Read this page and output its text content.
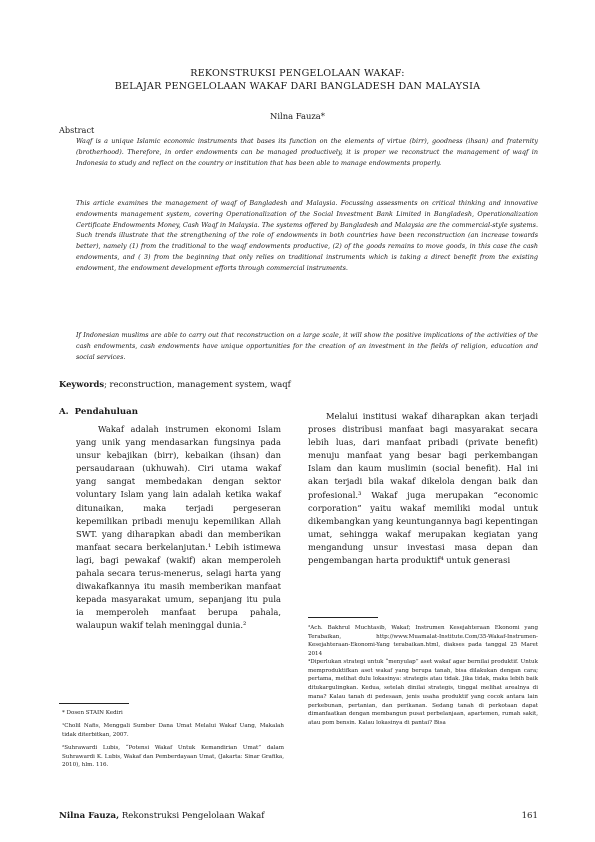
REKONSTRUKSI PENGELOLAAN WAKAF:
BELAJAR PENGELOLAAN WAKAF DARI BANGLADESH DAN MALAYSIA
Nilna Fauza*
Abstract

Waqf is a unique Islamic economic instruments that bases its function on the elements of virtue (birr), goodness (ihsan) and fraternity (brotherhood). Therefore, in order endowments can be managed productively, it is proper we reconstruct the management of waqf in Indonesia to study and reflect on the country or institution that has been able to manage endowments properly.

This article examines the management of waqf of Bangladesh and Malaysia. Focussing assessments on critical thinking and innovative endowments management system, covering Operationalization of the Social Investment Bank Limited in Bangladesh, Operationalization Certificate Endowments Money, Cash Waqf in Malaysia. The systems offered by Bangladesh and Malaysia are the commercial-style systems. Such trends illustrate that the strengthening of the role of endowments in both countries have been reconstruction (an increase towards better), namely (1) from the traditional to the waqf endowments productive, (2) of the goods remains to move goods, in this case the cash endowments, and ( 3) from the beginning that only relies on traditional instruments which is taking a direct benefit from the existing endowment, the endowment development efforts through commercial instruments.

If Indonesian muslims are able to carry out that reconstruction on a large scale, it will show the positive implications of the activities of the cash endowments, cash endowments have unique opportunities for the creation of an investment in the fields of religion, education and social services.

Keywords; reconstruction, management system, waqf
A.  Pendahuluan

Wakaf adalah instrumen ekonomi Islam yang unik yang mendasarkan fungsinya pada unsur kebajikan (birr), kebaikan (ihsan) dan persaudaraan (ukhuwah). Ciri utama wakaf yang sangat membedakan dengan sektor voluntary Islam yang lain adalah ketika wakaf ditunaikan, maka terjadi pergeseran kepemilikan pribadi menuju kepemilikan Allah SWT. yang diharapkan abadi dan memberikan manfaat secara berkelanjutan.¹ Lebih istimewa lagi, bagi pewakaf (wakif) akan memperoleh pahala secara terus-menerus, selagi harta yang diwakafkannya itu masih memberikan manfaat kepada masyarakat umum, sepanjang itu pula ia memperoleh manfaat berupa pahala, walaupun wakif telah meninggal dunia.²

Melalui institusi wakaf diharapkan akan terjadi proses distribusi manfaat bagi masyarakat secara lebih luas, dari manfaat pribadi (private benefit) menuju manfaat yang besar bagi perkembangan Islam dan kaum muslimin (social benefit). Hal ini akan terjadi bila wakaf dikelola dengan baik dan profesional.³ Wakaf juga merupakan “economic corporation” yaitu wakaf memiliki modal untuk dikembangkan yang keuntungannya bagi kepentingan umat, sehingga wakaf merupakan kegiatan yang mengandung unsur investasi masa depan dan pengembangan harta produktif⁴ untuk generasi

* Dosen STAIN Kediri

¹Cholil Nafis, Menggali Sumber Dana Umat Melalui Wakaf Uang, Makalah tidak diterbitkan, 2007.

²Suhrawardi Lubis, “Potensi Wakaf Untuk Kemandirian Umat” dalam Suhrawardi K. Lubis, Wakaf dan Pemberdayaan Umat, (Jakarta: Sinar Grafika, 2010), hlm. 116.

³Ach. Bakhrul Muchtasib, Wakaf; Instrumen Kesejahteraan Ekonomi yang Terabaikan, http://www.Muamalat-Institute.Com/35-Wakaf-Instrumen-Kesejahteraan-Ekonomi-Yang terabaikan.html, diakses pada tanggal 25 Maret 2014

⁴Diperlukan strategi untuk “menyulap” aset wakaf agar bernilai produktif. Untuk memproduktifkan aset wakaf yang berupa tanah, bisa dilakukan dengan cara; pertama, melihat dulu lokasinya: strategis atau tidak. Jika tidak, maka lebih baik ditukargulingkan. Kedua, setelah dinilai strategis, tinggal melihat arealnya di mana? Kalau tanah di pedesaan, jenis usaha produktif yang cocok antara lain perkebunan, pertanian, dan perikanan. Sedang tanah di perkotaan dapat dimanfaatkan dengan membangun pusat perbelanjaan, apartemen, rumah sakit, atau pom bensin. Kalau lokasinya di pantai? Bisa

Nilna Fauza, Rekonstruksi Pengelolaan Wakaf	161
